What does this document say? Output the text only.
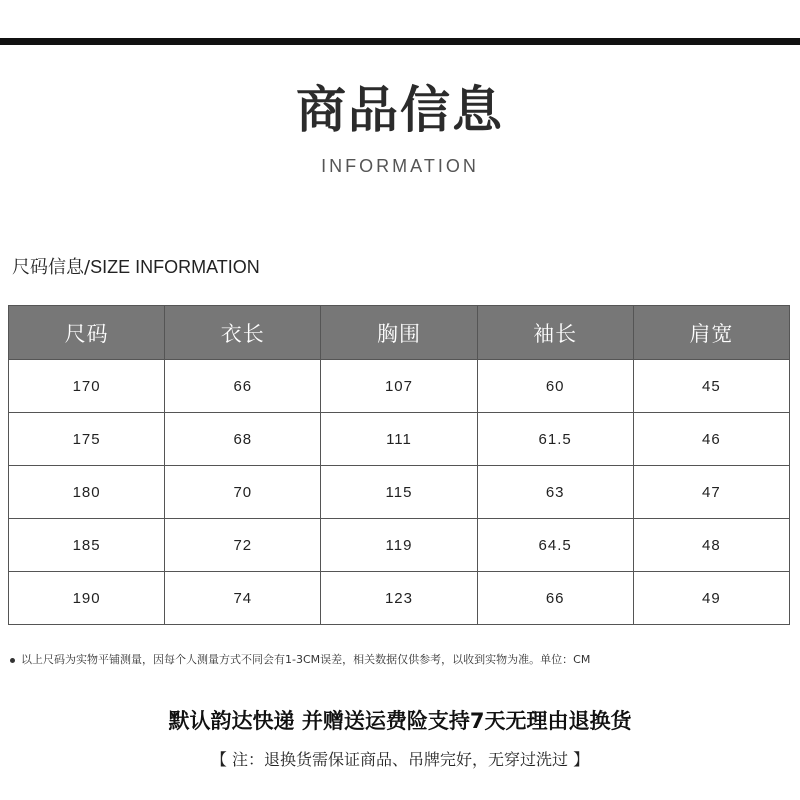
商品信息
INFORMATION
尺码信息/SIZE INFORMATION
尺码	衣长	胸围	袖长	肩宽
170	66	107	60	45
175	68	111	61.5	46
180	70	115	63	47
185	72	119	64.5	48
190	74	123	66	49
以上尺码为实物平铺测量，因每个人测量方式不同会有1-3CM误差，相关数据仅供参考，以收到实物为准。单位：CM
默认韵达快递 并赠送运费险支持7天无理由退换货
【 注：退换货需保证商品、吊牌完好，无穿过洗过 】
